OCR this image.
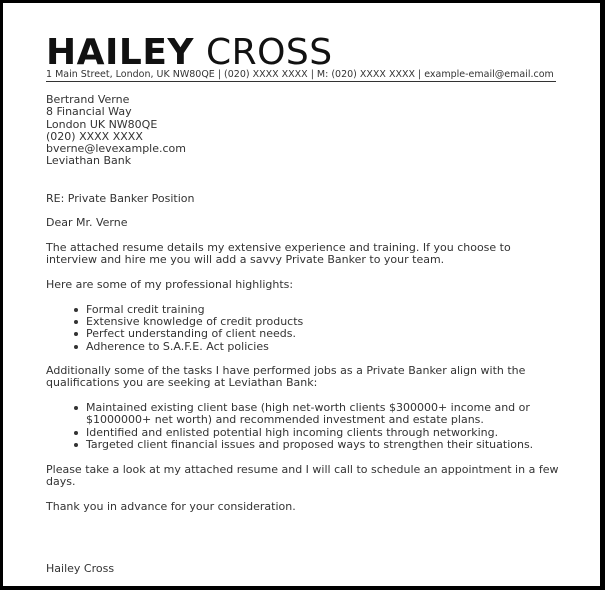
HAILEY CROSS
1 Main Street, London, UK NW80QE | (020) XXXX XXXX | M: (020) XXXX XXXX | example-email@email.com

Bertrand Verne

8 Financial Way

London UK NW80QE

(020) XXXX XXXX

bverne@levexample.com

Leviathan Bank

RE: Private Banker Position

Dear Mr. Verne

The attached resume details my extensive experience and training. If you choose to interview and hire me you will add a savvy Private Banker to your team.

Here are some of my professional highlights:

Formal credit training
Extensive knowledge of credit products
Perfect understanding of client needs.
Adherence to S.A.F.E. Act policies

Additionally some of the tasks I have performed jobs as a Private Banker align with the qualifications you are seeking at Leviathan Bank:

Maintained existing client base (high net-worth clients $300000+ income and or $1000000+ net worth) and recommended investment and estate plans.
Identified and enlisted potential high incoming clients through networking.
Targeted client financial issues and proposed ways to strengthen their situations.

Please take a look at my attached resume and I will call to schedule an appointment in a few days.

Thank you in advance for your consideration.

Hailey Cross
